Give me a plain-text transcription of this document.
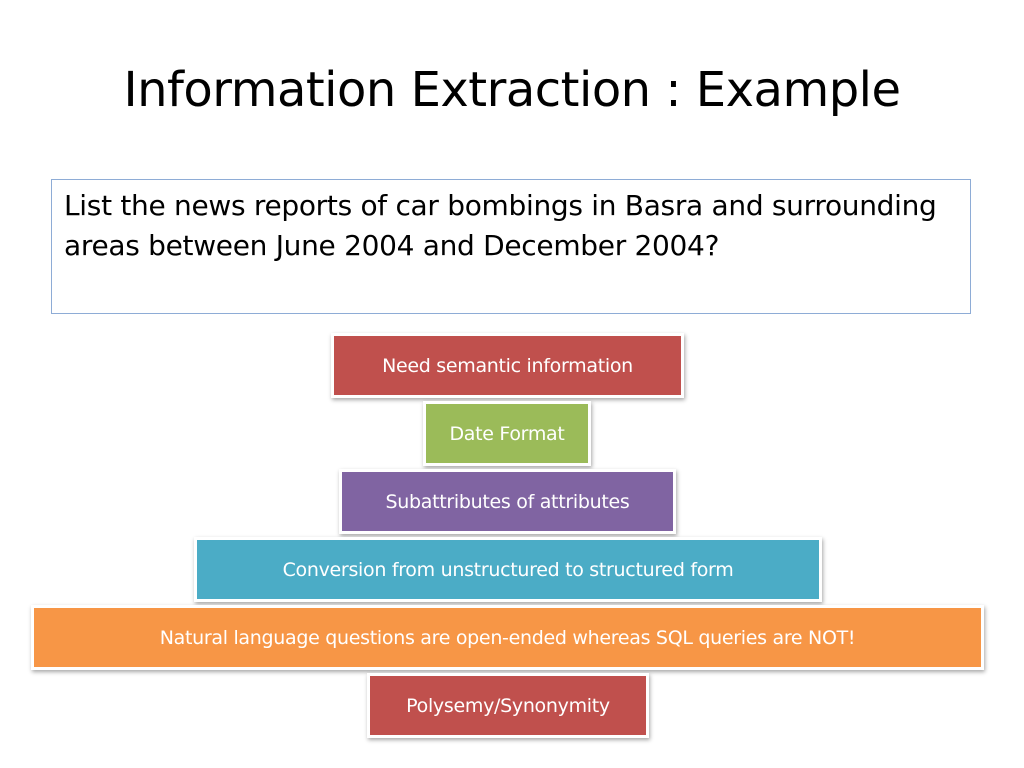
Information Extraction : Example
List the news reports of car bombings in Basra and surrounding areas between June 2004 and December 2004?
Need semantic information
Date Format
Subattributes of attributes
Conversion from unstructured to structured form
Natural language questions are open-ended whereas SQL queries are NOT!
Polysemy/Synonymity
